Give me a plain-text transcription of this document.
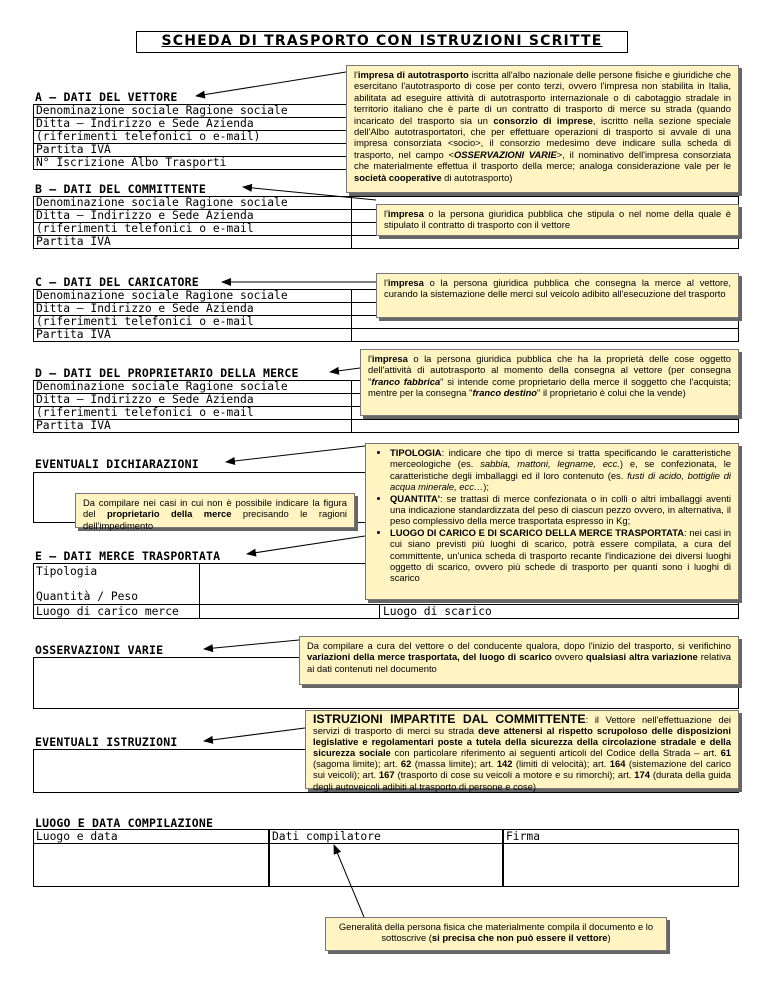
SCHEDA DI TRASPORTO CON ISTRUZIONI SCRITTE
A – DATI DEL VETTORE
Denominazione sociale Ragione sociale	
Ditta – Indirizzo e Sede Azienda	
(riferimenti telefonici o e-mail)	
Partita IVA	
N° Iscrizione Albo Trasporti	
B – DATI DEL COMMITTENTE
Denominazione sociale Ragione sociale	
Ditta – Indirizzo e Sede Azienda	
(riferimenti telefonici o e-mail	
Partita IVA	
C – DATI DEL CARICATORE
Denominazione sociale Ragione sociale	
Ditta – Indirizzo e Sede Azienda	
(riferimenti telefonici o e-mail	
Partita IVA	
D – DATI DEL PROPRIETARIO DELLA MERCE
Denominazione sociale Ragione sociale	
Ditta – Indirizzo e Sede Azienda	
(riferimenti telefonici o e-mail	
Partita IVA	
EVENTUALI DICHIARAZIONI
E – DATI MERCE TRASPORTATA
Tipologia
Quantità / Peso
Luogo di carico merce	Luogo di scarico
OSSERVAZIONI VARIE
EVENTUALI ISTRUZIONI
LUOGO E DATA COMPILAZIONE
Luogo e data	Dati compilatore	Firma
l'impresa di autotrasporto iscritta all'albo nazionale delle persone fisiche e giuridiche che esercitano l'autotrasporto di cose per conto terzi, ovvero l'impresa non stabilita in Italia, abilitata ad eseguire attività di autotrasporto internazionale o di cabotaggio stradale in territorio italiano che è parte di un contratto di trasporto di merce su strada (quando incaricato del trasporto sia un consorzio di imprese, iscritto nella sezione speciale dell'Albo autotrasportatori, che per effettuare operazioni di trasporto si avvale di una impresa consorziata <socio>, il consorzio medesimo deve indicare sulla scheda di trasporto, nel campo <OSSERVAZIONI VARIE>, il nominativo dell'impresa consorziata che materialmente effettua il trasporto della merce; analoga considerazione vale per le società cooperative di autotrasporto)
l'impresa o la persona giuridica pubblica che stipula o nel nome della quale è stipulato il contratto di trasporto con il vettore
l'impresa o la persona giuridica pubblica che consegna la merce al vettore, curando la sistemazione delle merci sul veicolo adibito all'esecuzione del trasporto
l'impresa o la persona giuridica pubblica che ha la proprietà delle cose oggetto dell'attività di autotrasporto al momento della consegna al vettore (per consegna "franco fabbrica" si intende come proprietario della merce il soggetto che l'acquista; mentre per la consegna "franco destino" il proprietario è colui che la vende)
Da compilare nei casi in cui non è possibile indicare la figura del proprietario della merce precisando le ragioni dell'impedimento
• TIPOLOGIA: indicare che tipo di merce si tratta specificando le caratteristiche merceologiche (es. sabbia, mattoni, legname, ecc.) e, se confezionata, le caratteristiche degli imballaggi ed il loro contenuto (es. fusti di acido, bottiglie di acqua minerale, ecc…);
• QUANTITA': se trattasi di merce confezionata o in colli o altri imballaggi aventi una indicazione standardizzata del peso di ciascun pezzo ovvero, in alternativa, il peso complessivo della merce trasportata espresso in Kg;
• LUOGO DI CARICO E DI SCARICO DELLA MERCE TRASPORTATA: nei casi in cui siano previsti più luoghi di scarico, potrà essere compilata, a cura del committente, un'unica scheda di trasporto recante l'indicazione dei diversi luoghi oggetto di scarico, ovvero più schede di trasporto per quanti sono i luoghi di scarico
Da compilare a cura del vettore o del conducente qualora, dopo l'inizio del trasporto, si verifichino variazioni della merce trasportata, del luogo di scarico ovvero qualsiasi altra variazione relativa ai dati contenuti nel documento
ISTRUZIONI IMPARTITE DAL COMMITTENTE: il Vettore nell'effettuazione dei servizi di trasporto di merci su strada deve attenersi al rispetto scrupoloso delle disposizioni legislative e regolamentari poste a tutela della sicurezza della circolazione stradale e della sicurezza sociale con particolare riferimento ai seguenti articoli del Codice della Strada – art. 61 (sagoma limite); art. 62 (massa limite); art. 142 (limiti di velocità); art. 164 (sistemazione del carico sui veicoli); art. 167 (trasporto di cose su veicoli a motore e su rimorchi); art. 174 (durata della guida degli autoveicoli adibiti al trasporto di persone e cose)
Generalità della persona fisica che materialmente compila il documento e lo sottoscrive (si precisa che non può essere il vettore)
